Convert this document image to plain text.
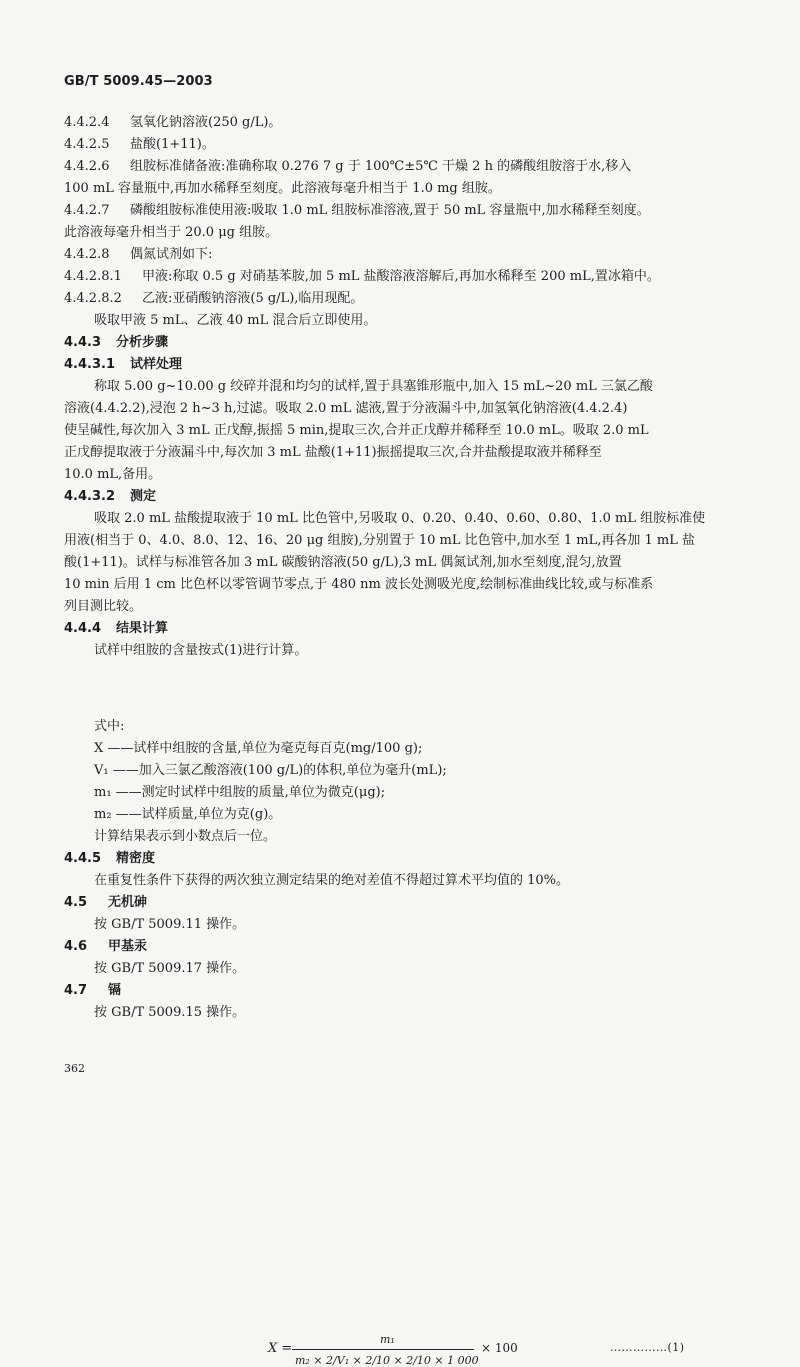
GB/T 5009.45—2003
4.4.2.4 氢氧化钠溶液(250 g/L)。
4.4.2.5 盐酸(1+11)。
4.4.2.6 组胺标准储备液:准确称取 0.276 7 g 于 100℃±5℃ 干燥 2 h 的磷酸组胺溶于水,移入
100 mL 容量瓶中,再加水稀释至刻度。此溶液每毫升相当于 1.0 mg 组胺。
4.4.2.7 磷酸组胺标准使用液:吸取 1.0 mL 组胺标准溶液,置于 50 mL 容量瓶中,加水稀释至刻度。
此溶液每毫升相当于 20.0 μg 组胺。
4.4.2.8 偶氮试剂如下:
4.4.2.8.1 甲液:称取 0.5 g 对硝基苯胺,加 5 mL 盐酸溶液溶解后,再加水稀释至 200 mL,置冰箱中。
4.4.2.8.2 乙液:亚硝酸钠溶液(5 g/L),临用现配。
吸取甲液 5 mL、乙液 40 mL 混合后立即使用。
4.4.3 分析步骤
4.4.3.1 试样处理
称取 5.00 g~10.00 g 绞碎并混和均匀的试样,置于具塞锥形瓶中,加入 15 mL~20 mL 三氯乙酸
溶液(4.4.2.2),浸泡 2 h~3 h,过滤。吸取 2.0 mL 滤液,置于分液漏斗中,加氢氧化钠溶液(4.4.2.4)
使呈碱性,每次加入 3 mL 正戊醇,振摇 5 min,提取三次,合并正戊醇并稀释至 10.0 mL。吸取 2.0 mL
正戊醇提取液于分液漏斗中,每次加 3 mL 盐酸(1+11)振摇提取三次,合并盐酸提取液并稀释至
10.0 mL,备用。
4.4.3.2 测定
吸取 2.0 mL 盐酸提取液于 10 mL 比色管中,另吸取 0、0.20、0.40、0.60、0.80、1.0 mL 组胺标准使
用液(相当于 0、4.0、8.0、12、16、20 μg 组胺),分别置于 10 mL 比色管中,加水至 1 mL,再各加 1 mL 盐
酸(1+11)。试样与标准管各加 3 mL 碳酸钠溶液(50 g/L),3 mL 偶氮试剂,加水至刻度,混匀,放置
10 min 后用 1 cm 比色杯以零管调节零点,于 480 nm 波长处测吸光度,绘制标准曲线比较,或与标准系
列目测比较。
4.4.4 结果计算
试样中组胺的含量按式(1)进行计算。
X =
m₁
m₂ × 2/V₁ × 2/10 × 2/10 × 1 000
× 100	……………(1)
式中:
X ——试样中组胺的含量,单位为毫克每百克(mg/100 g);
V₁ ——加入三氯乙酸溶液(100 g/L)的体积,单位为毫升(mL);
m₁ ——测定时试样中组胺的质量,单位为微克(μg);
m₂ ——试样质量,单位为克(g)。
计算结果表示到小数点后一位。
4.4.5 精密度
在重复性条件下获得的两次独立测定结果的绝对差值不得超过算术平均值的 10%。
4.5 无机砷
按 GB/T 5009.11 操作。
4.6 甲基汞
按 GB/T 5009.17 操作。
4.7 镉
按 GB/T 5009.15 操作。
362
